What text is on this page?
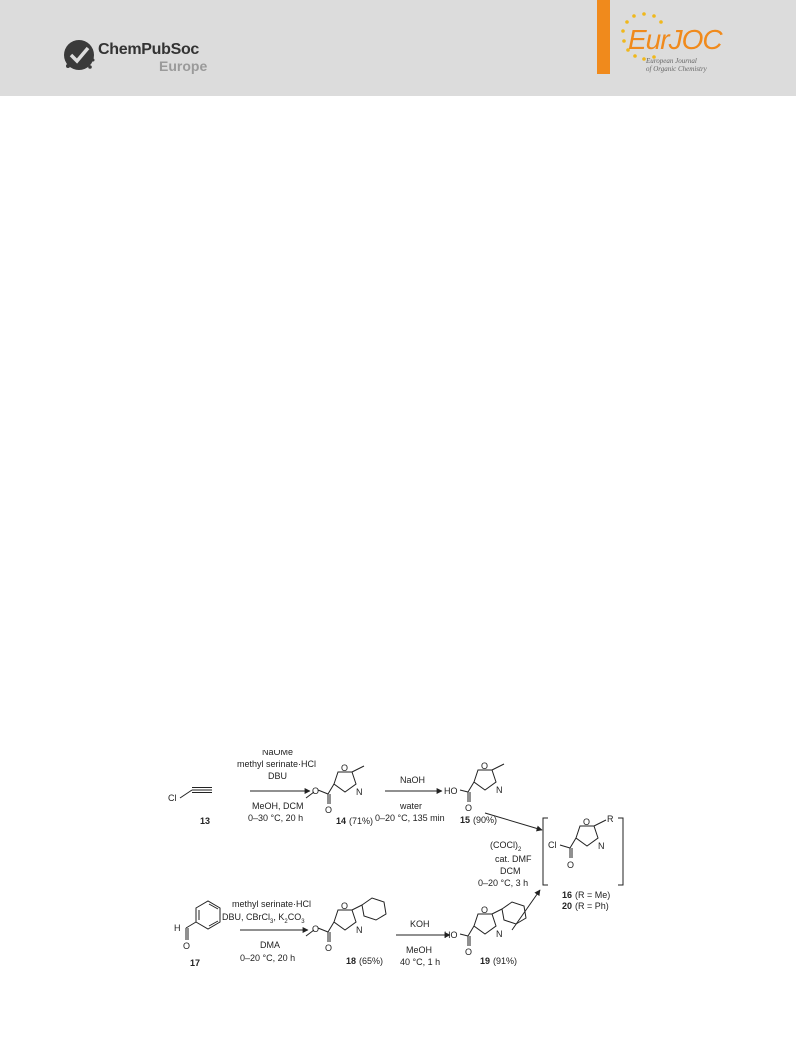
ChemPubSoc
Europe
EurJOC
European Journal
of Organic Chemistry
Cl
13
NaOMe
methyl serinate·HCl
DBU
MeOH, DCM
0–30 °C, 20 h
O
N
O
O
14 (71%)
NaOH
water
0–20 °C, 135 min
O
N
HO
O
15 (90%)
$(COCl)_2$
cat. DMF
DCM
0–20 °C, 3 h
O R
N
Cl
O
16 (R = Me)
20 (R = Ph)
H
O
17
methyl serinate·HCl
DBU, CBrCl$_3$, $K_2CO_3$
DMA
0–20 °C, 20 h
O
N
O
O
18 (65%)
KOH
MeOH
40 °C, 1 h
O
N
HO
O
19 (91%)
